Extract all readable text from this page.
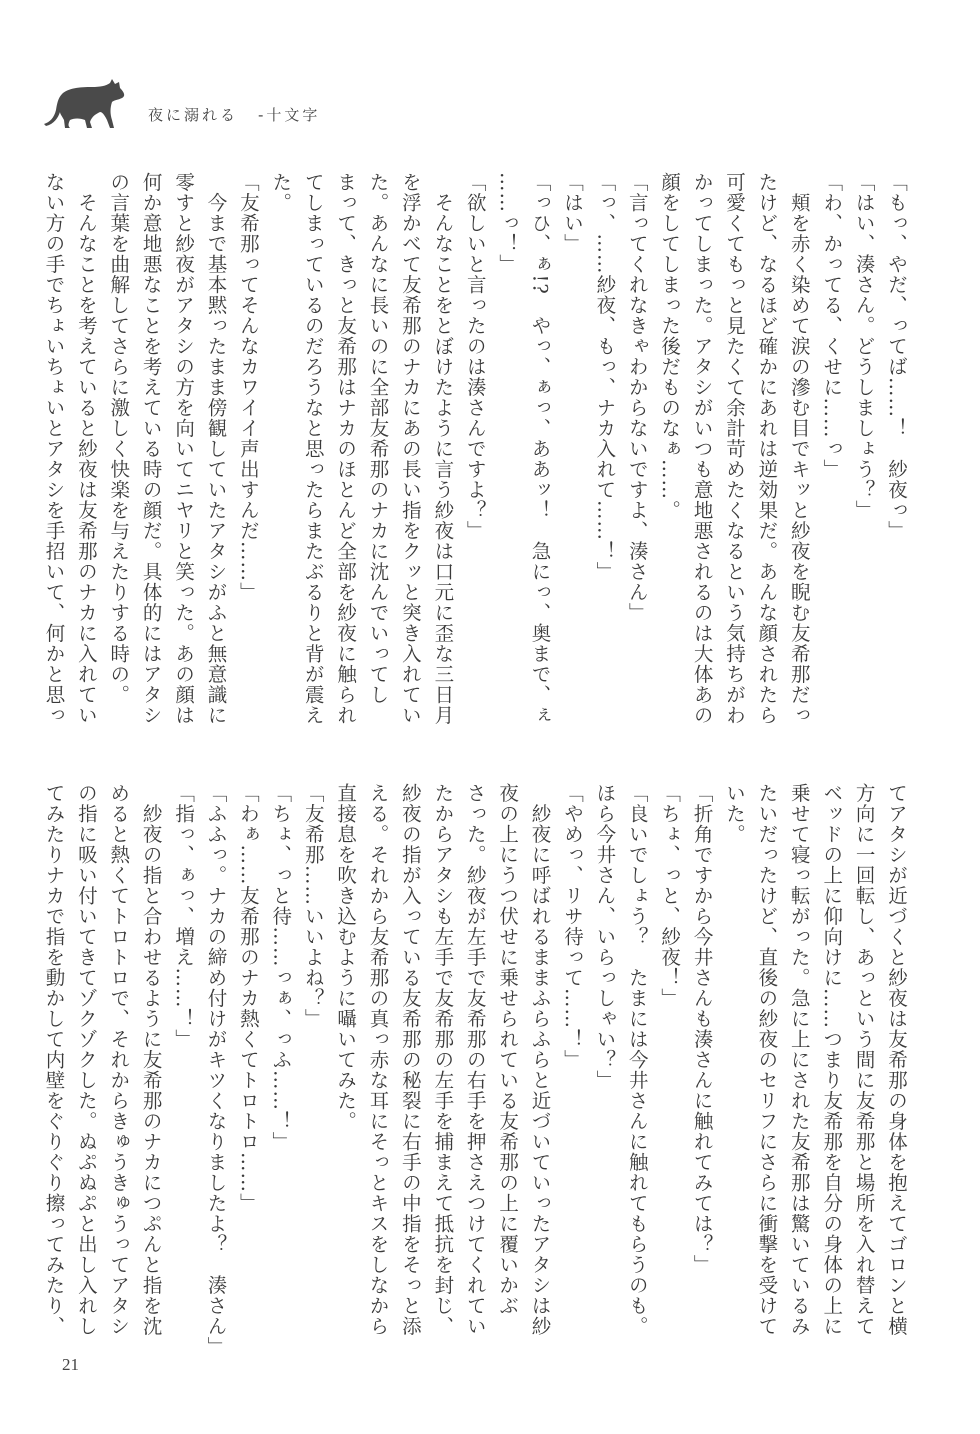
夜に溺れる -十文字

「もっ、やだ、ってば……！　紗夜っ」

「はい、湊さん。どうしましょう？」

「わ、かってる、くせに……っ」

　頬を赤く染めて涙の滲む目でキッと紗夜を睨む友希那だっ

たけど、なるほど確かにあれは逆効果だ。あんな顔されたら

可愛くてもっと見たくて余計苛めたくなるという気持ちがわ

かってしまった。アタシがいつも意地悪されるのは大体あの

顔をしてしまった後だものなぁ……。

「言ってくれなきゃわからないですよ、湊さん」

「っ、……紗夜、もっ、ナカ入れて……！」

「はい」

「っひ、ぁ!?　やっ、ぁっ、ああッ！　急にっ、奥まで、ぇ

……っ！」

「欲しいと言ったのは湊さんですよ？」

　そんなことをとぼけたように言う紗夜は口元に歪な三日月

を浮かべて友希那のナカにあの長い指をクッと突き入れてい

た。あんなに長いのに全部友希那のナカに沈んでいってし

まって、きっと友希那はナカのほとんど全部を紗夜に触られ

てしまっているのだろうなと思ったらまたぶるりと背が震え

た。

「友希那ってそんなカワイイ声出すんだ……」

　今まで基本黙ったまま傍観していたアタシがふと無意識に

零すと紗夜がアタシの方を向いてニヤリと笑った。あの顔は

何か意地悪なことを考えている時の顔だ。具体的にはアタシ

の言葉を曲解してさらに激しく快楽を与えたりする時の。

　そんなことを考えていると紗夜は友希那のナカに入れてい

ない方の手でちょいちょいとアタシを手招いて、何かと思っ

てアタシが近づくと紗夜は友希那の身体を抱えてゴロンと横

方向に一回転し、あっという間に友希那と場所を入れ替えて

ベッドの上に仰向けに……つまり友希那を自分の身体の上に

乗せて寝っ転がった。急に上にされた友希那は驚いているみ

たいだったけど、直後の紗夜のセリフにさらに衝撃を受けて

いた。

「折角ですから今井さんも湊さんに触れてみては？」

「ちょ、っと、紗夜！」

「良いでしょう？　たまには今井さんに触れてもらうのも。

ほら今井さん、いらっしゃい？」

「やめっ、リサ待って……！」

　紗夜に呼ばれるままふらふらと近づいていったアタシは紗

夜の上にうつ伏せに乗せられている友希那の上に覆いかぶ

さった。紗夜が左手で友希那の右手を押さえつけてくれてい

たからアタシも左手で友希那の左手を捕まえて抵抗を封じ、

紗夜の指が入っている友希那の秘裂に右手の中指をそっと添

える。それから友希那の真っ赤な耳にそっとキスをしなから

直接息を吹き込むように囁いてみた。

「友希那……いいよね？」

「ちょ、っと待……っぁ、っふ……！」

「わぁ……友希那のナカ熱くてトロトロ……」

「ふふっ。ナカの締め付けがキツくなりましたよ？　湊さん」

「指っ、ぁっ、増え……！」

　紗夜の指と合わせるように友希那のナカにつぷんと指を沈

めると熱くてトロトロで、それからきゅうきゅうってアタシ

の指に吸い付いてきてゾクゾクした。ぬぷぬぷと出し入れし

てみたりナカで指を動かして内壁をぐりぐり擦ってみたり、

21
